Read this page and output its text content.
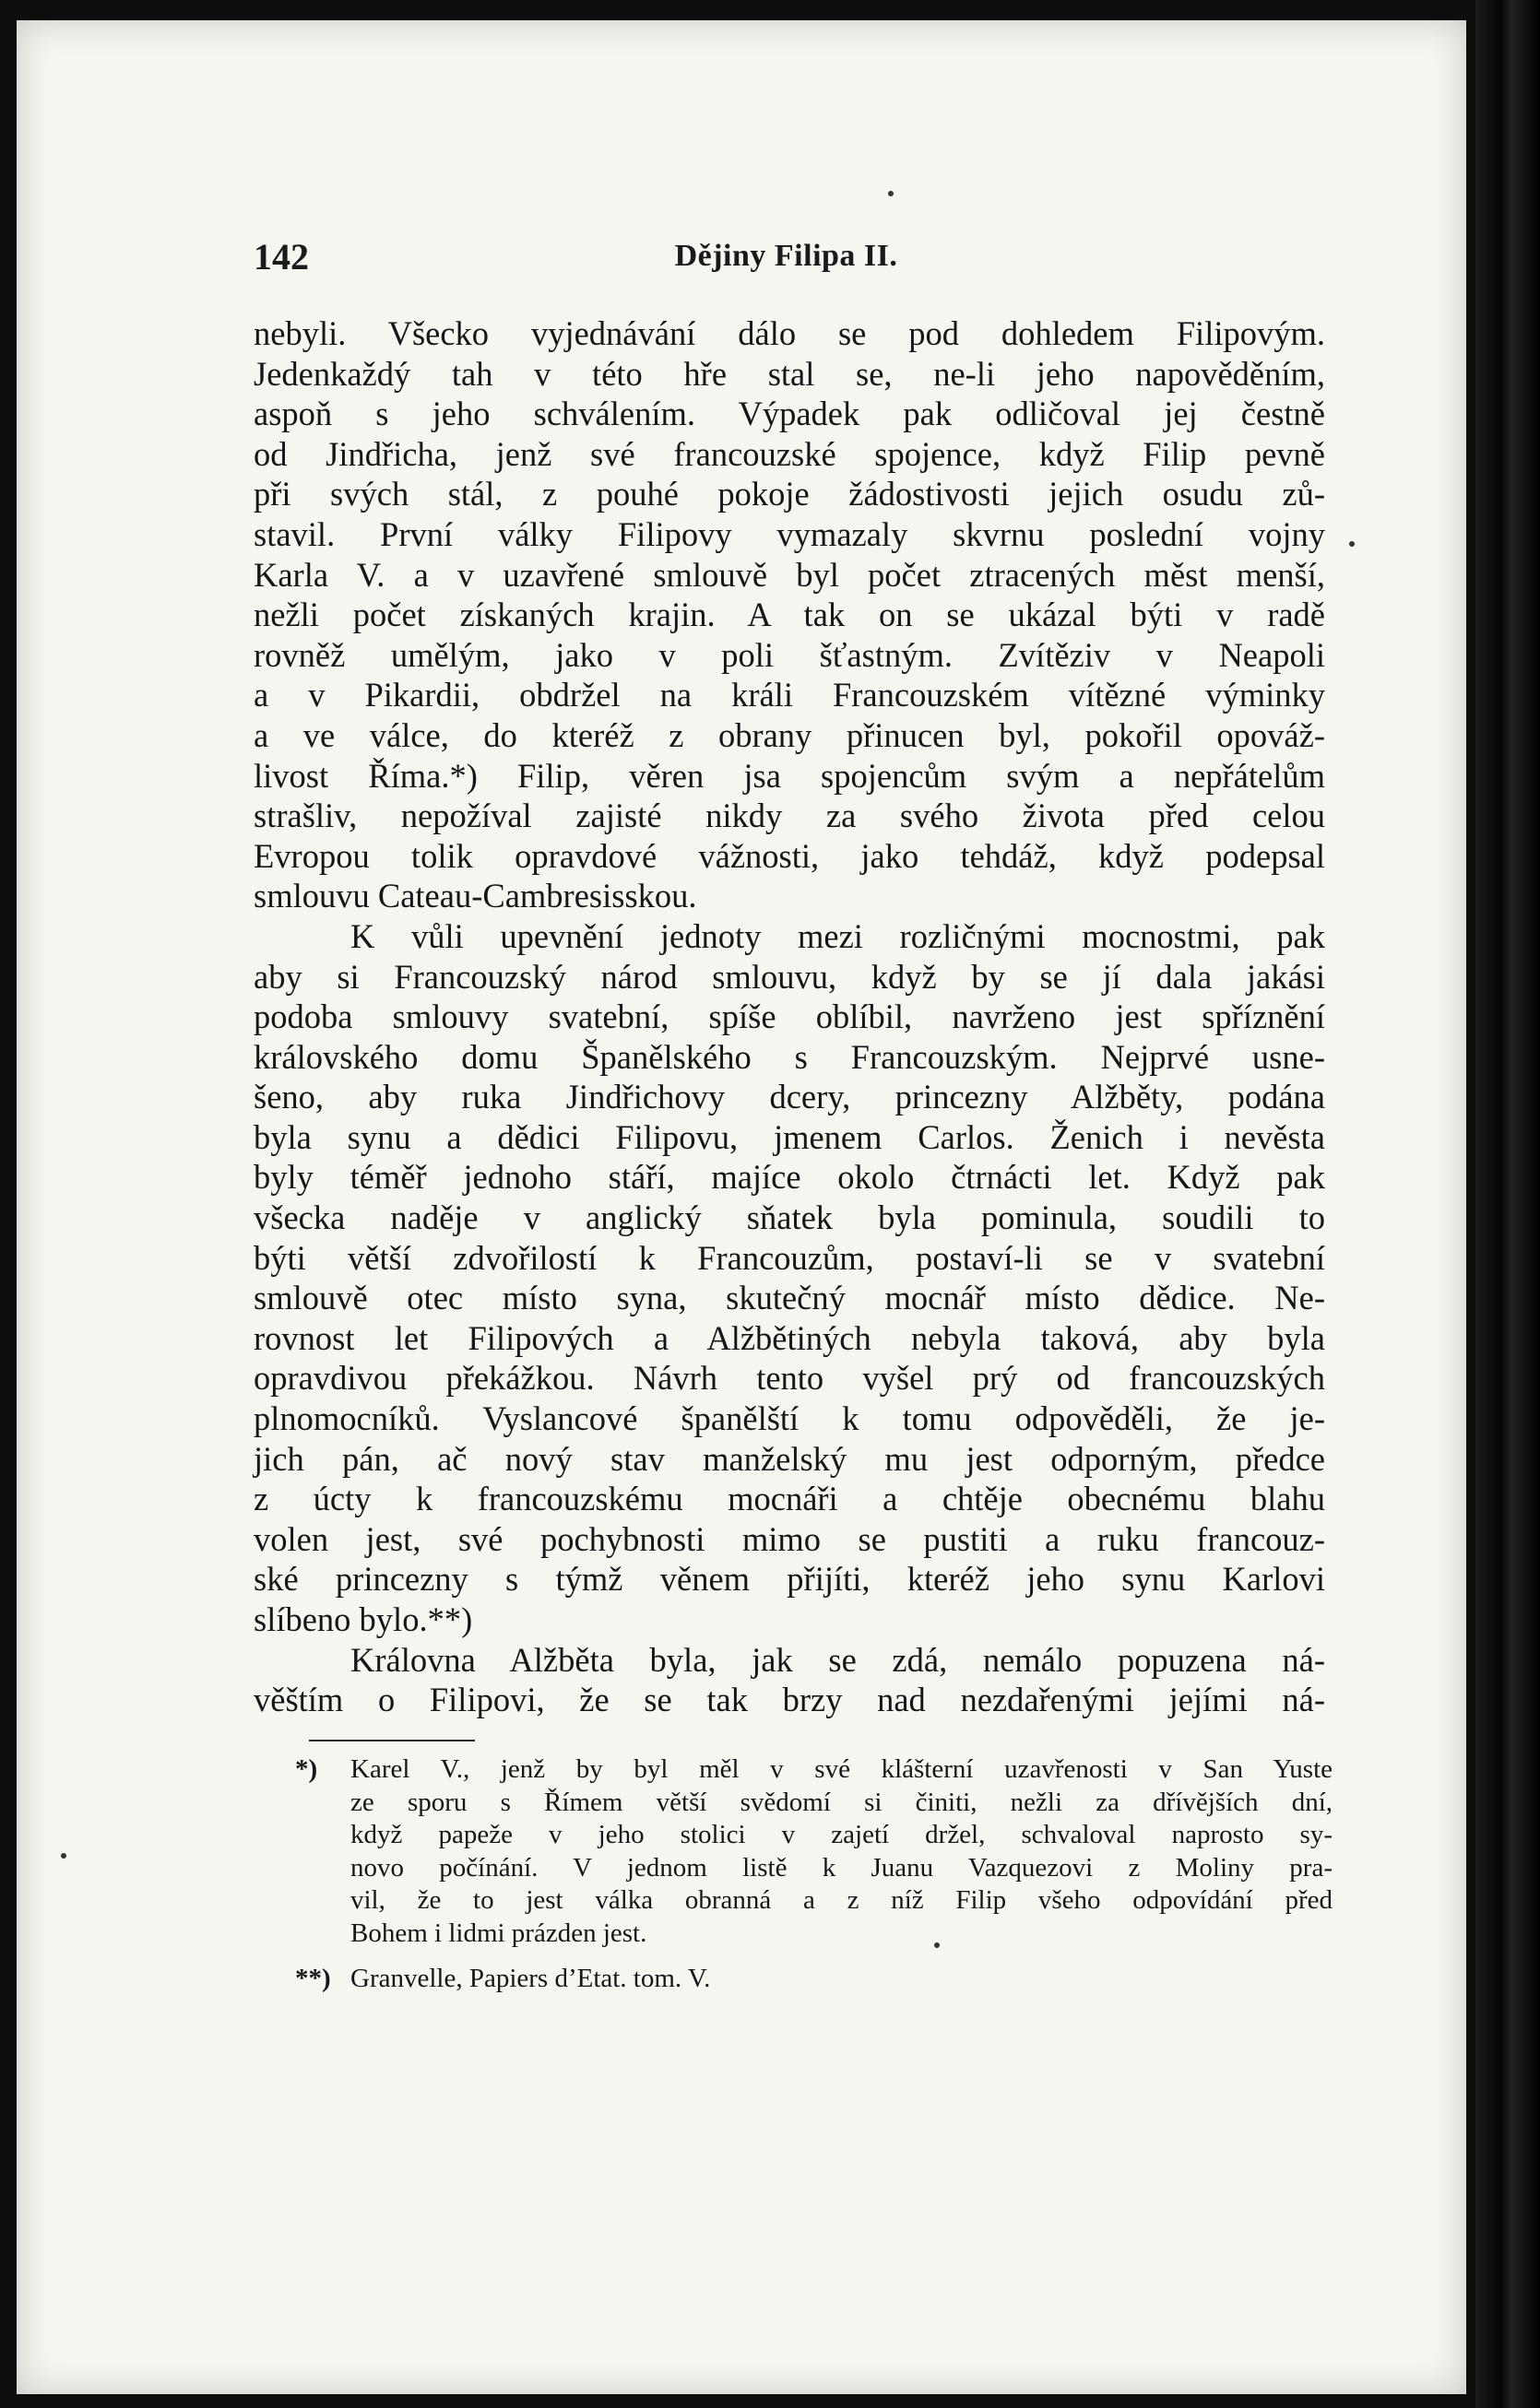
142	Dějiny Filipa II.
nebyli. Všecko vyjednávání dálo se pod dohledem Filipovým.
Jedenkaždý tah v této hře stal se, ne-li jeho napověděním,
aspoň s jeho schválením. Výpadek pak odličoval jej čestně
od Jindřicha, jenž své francouzské spojence, když Filip pevně
při svých stál, z pouhé pokoje žádostivosti jejich osudu zů-
stavil. První války Filipovy vymazaly skvrnu poslední vojny
Karla V. a v uzavřené smlouvě byl počet ztracených měst menší,
nežli počet získaných krajin. A tak on se ukázal býti v radě
rovněž umělým, jako v poli šťastným. Zvítěziv v Neapoli
a v Pikardii, obdržel na králi Francouzském vítězné výminky
a ve válce, do kteréž z obrany přinucen byl, pokořil opováž-
livost Říma.*) Filip, věren jsa spojencům svým a nepřátelům
strašliv, nepožíval zajisté nikdy za svého života před celou
Evropou tolik opravdové vážnosti, jako tehdáž, když podepsal
smlouvu Cateau-Cambresisskou.
K vůli upevnění jednoty mezi rozličnými mocnostmi, pak
aby si Francouzský národ smlouvu, když by se jí dala jakási
podoba smlouvy svatební, spíše oblíbil, navrženo jest spříznění
královského domu Španělského s Francouzským. Nejprvé usne-
šeno, aby ruka Jindřichovy dcery, princezny Alžběty, podána
byla synu a dědici Filipovu, jmenem Carlos. Ženich i nevěsta
byly téměř jednoho stáří, majíce okolo čtrnácti let. Když pak
všecka naděje v anglický sňatek byla pominula, soudili to
býti větší zdvořilostí k Francouzům, postaví-li se v svatební
smlouvě otec místo syna, skutečný mocnář místo dědice. Ne-
rovnost let Filipových a Alžbětiných nebyla taková, aby byla
opravdivou překážkou. Návrh tento vyšel prý od francouzských
plnomocníků. Vyslancové španělští k tomu odpověděli, že je-
jich pán, ač nový stav manželský mu jest odporným, předce
z úcty k francouzskému mocnáři a chtěje obecnému blahu
volen jest, své pochybnosti mimo se pustiti a ruku francouz-
ské princezny s týmž věnem přijíti, kteréž jeho synu Karlovi
slíbeno bylo.**)
Královna Alžběta byla, jak se zdá, nemálo popuzena ná-
věštím o Filipovi, že se tak brzy nad nezdařenými jejími ná-
*) Karel V., jenž by byl měl v své klášterní uzavřenosti v San Yuste
ze sporu s Římem větší svědomí si činiti, nežli za dřívějších dní,
když papeže v jeho stolici v zajetí držel, schvaloval naprosto sy-
novo počínání. V jednom listě k Juanu Vazquezovi z Moliny pra-
vil, že to jest válka obranná a z níž Filip všeho odpovídání před
Bohem i lidmi prázden jest.
**) Granvelle, Papiers d’Etat. tom. V.
